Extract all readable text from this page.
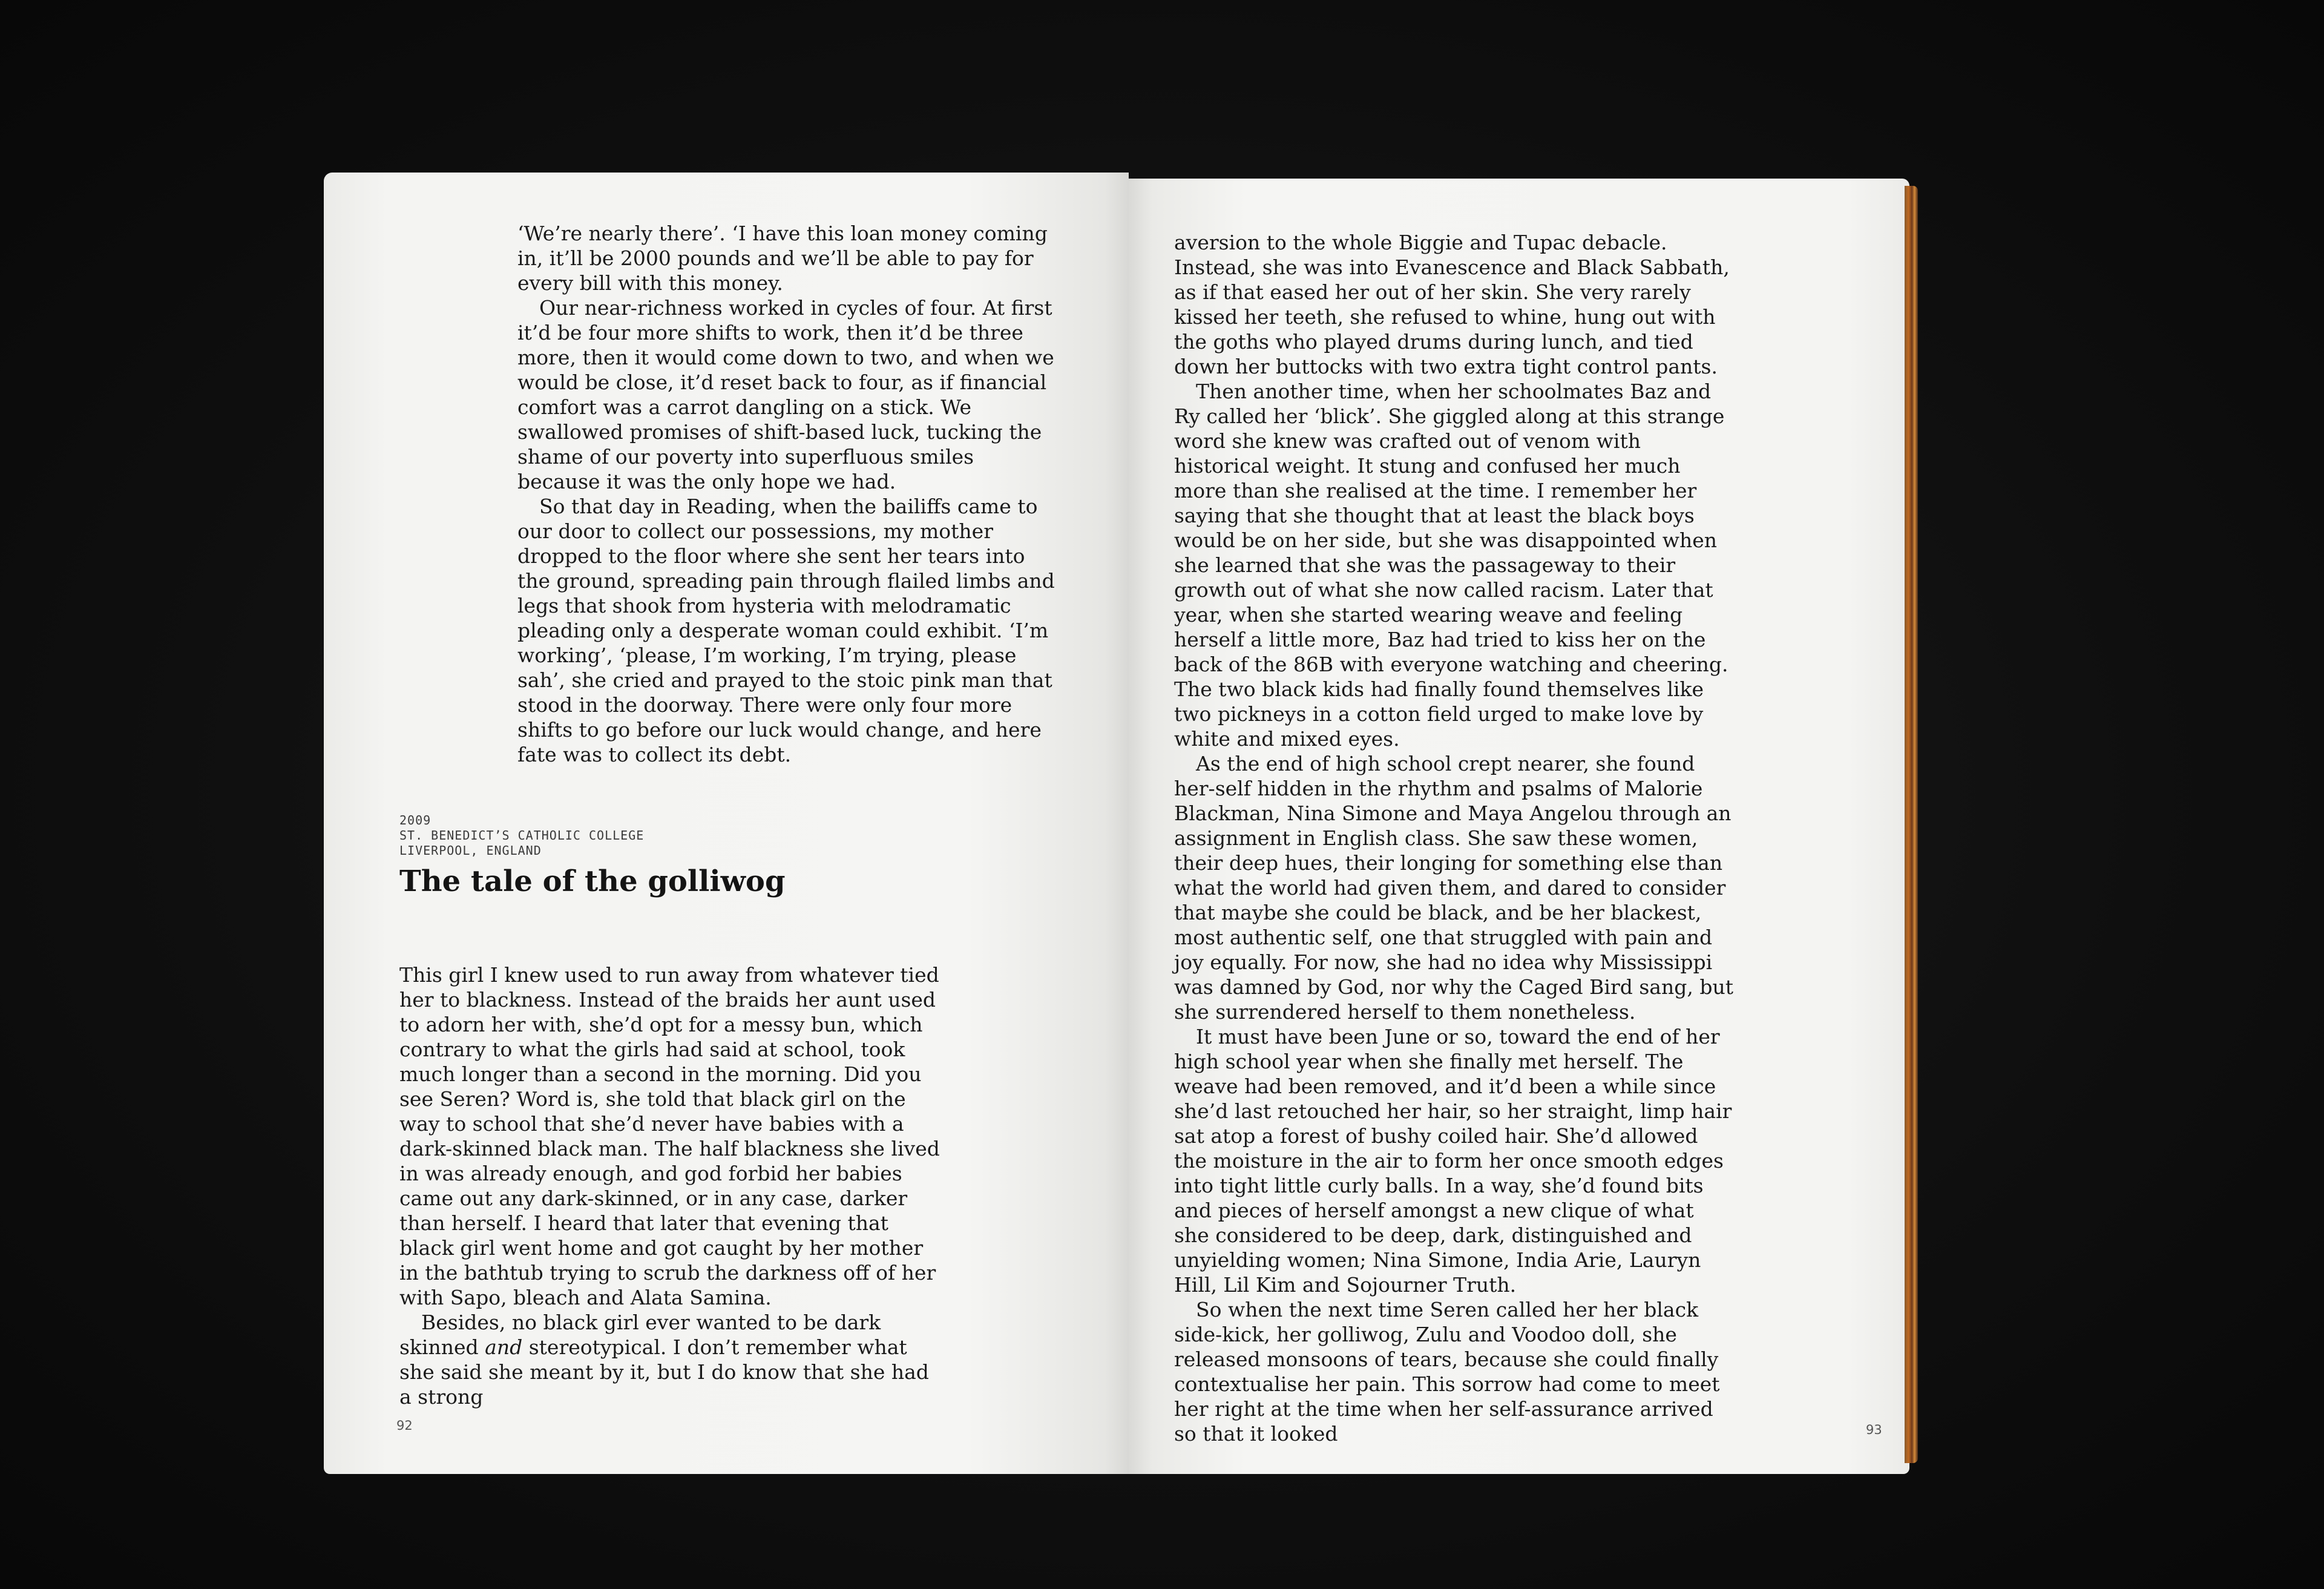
‘We’re nearly there’. ‘I have this loan money coming in, it’ll be 2000 pounds and we’ll be able to pay for every bill with this money.

Our near-richness worked in cycles of four. At first it’d be four more shifts to work, then it’d be three more, then it would come down to two, and when we would be close, it’d reset back to four, as if financial comfort was a carrot dangling on a stick. We swallowed promises of shift-based luck, tucking the shame of our poverty into superfluous smiles because it was the only hope we had.

So that day in Reading, when the bailiffs came to our door to collect our possessions, my mother dropped to the floor where she sent her tears into the ground, spreading pain through flailed limbs and legs that shook from hysteria with melodramatic pleading only a desperate woman could exhibit. ‘I’m working’, ‘please, I’m working, I’m trying, please sah’, she cried and prayed to the stoic pink man that stood in the doorway. There were only four more shifts to go before our luck would change, and here fate was to collect its debt.

2009

ST. BENEDICT’S CATHOLIC COLLEGE

LIVERPOOL, ENGLAND

The tale of the golliwog

This girl I knew used to run away from whatever tied her to blackness. Instead of the braids her aunt used to adorn her with, she’d opt for a messy bun, which contrary to what the girls had said at school, took much longer than a second in the morning. Did you see Seren? Word is, she told that black girl on the way to school that she’d never have babies with a dark-skinned black man. The half blackness she lived in was already enough, and god forbid her babies came out any dark-skinned, or in any case, darker than herself. I heard that later that evening that black girl went home and got caught by her mother in the bathtub trying to scrub the darkness off of her with Sapo, bleach and Alata Samina.

Besides, no black girl ever wanted to be dark skinned and stereotypical. I don’t remember what she said she meant by it, but I do know that she had a strong

92

aversion to the whole Biggie and Tupac debacle. Instead, she was into Evanescence and Black Sabbath, as if that eased her out of her skin. She very rarely kissed her teeth, she refused to whine, hung out with the goths who played drums during lunch, and tied down her buttocks with two extra tight control pants.

Then another time, when her schoolmates Baz and Ry called her ‘blick’. She giggled along at this strange word she knew was crafted out of venom with historical weight. It stung and confused her much more than she realised at the time. I remember her saying that she thought that at least the black boys would be on her side, but she was disappointed when she learned that she was the passageway to their growth out of what she now called racism. Later that year, when she started wearing weave and feeling herself a little more, Baz had tried to kiss her on the back of the 86B with everyone watching and cheering. The two black kids had finally found themselves like two pickneys in a cotton field urged to make love by white and mixed eyes.

As the end of high school crept nearer, she found her-self hidden in the rhythm and psalms of Malorie Blackman, Nina Simone and Maya Angelou through an assignment in English class. She saw these women, their deep hues, their longing for something else than what the world had given them, and dared to consider that maybe she could be black, and be her blackest, most authentic self, one that struggled with pain and joy equally. For now, she had no idea why Mississippi was damned by God, nor why the Caged Bird sang, but she surrendered herself to them nonetheless.

It must have been June or so, toward the end of her high school year when she finally met herself. The weave had been removed, and it’d been a while since she’d last retouched her hair, so her straight, limp hair sat atop a forest of bushy coiled hair. She’d allowed the moisture in the air to form her once smooth edges into tight little curly balls. In a way, she’d found bits and pieces of herself amongst a new clique of what she considered to be deep, dark, distinguished and unyielding women; Nina Simone, India Arie, Lauryn Hill, Lil Kim and Sojourner Truth.

So when the next time Seren called her her black side-kick, her golliwog, Zulu and Voodoo doll, she released monsoons of tears, because she could finally contextualise her pain. This sorrow had come to meet her right at the time when her self-assurance arrived so that it looked	93
